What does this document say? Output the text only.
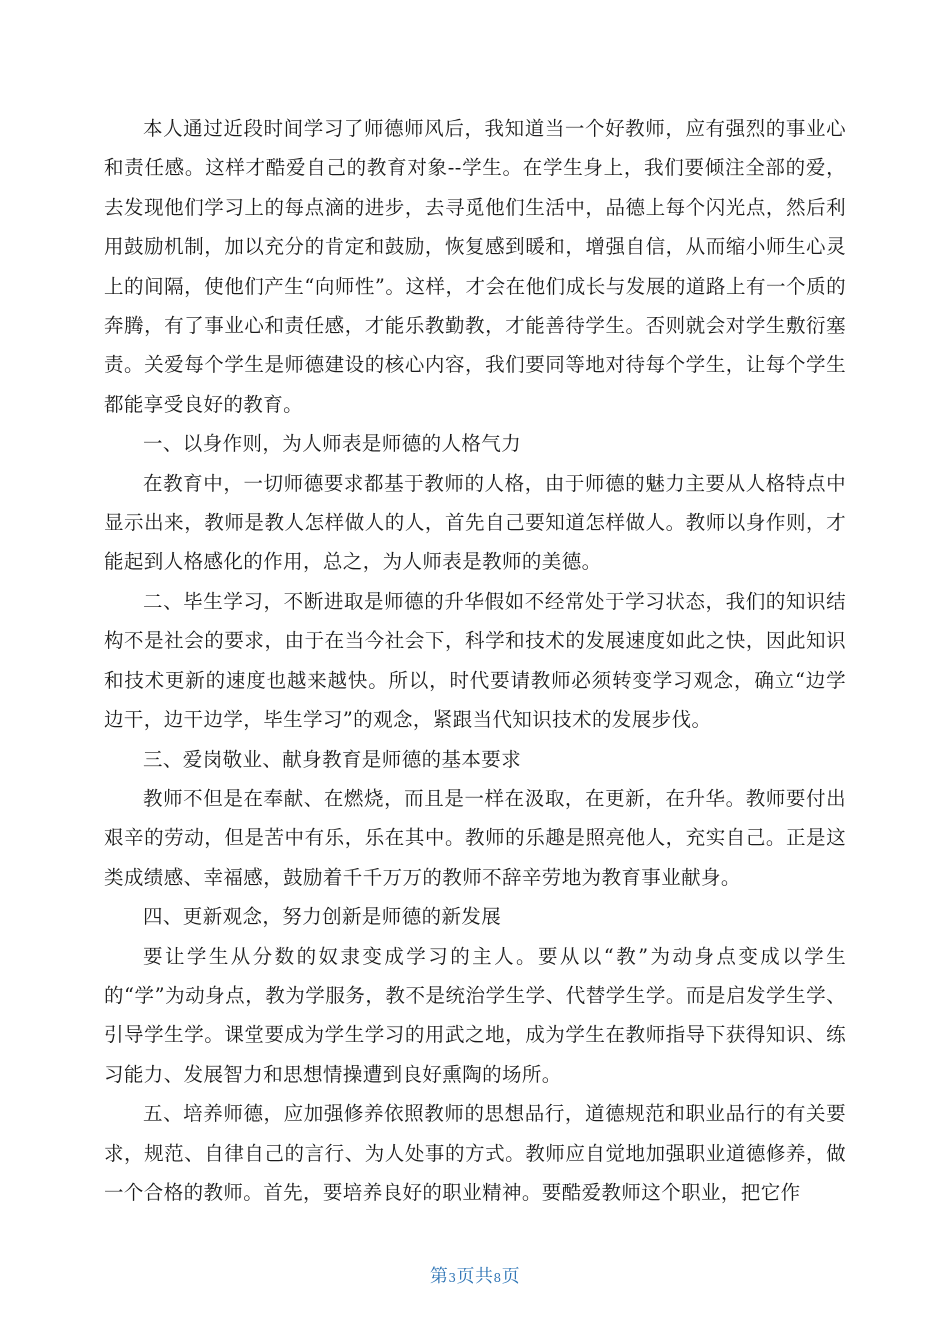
本人通过近段时间学习了师德师风后，我知道当一个好教师，应有强烈的事业心和责任感。这样才酷爱自己的教育对象--学生。在学生身上，我们要倾注全部的爱，去发现他们学习上的每点滴的进步，去寻觅他们生活中，品德上每个闪光点，然后利用鼓励机制，加以充分的肯定和鼓励，恢复感到暖和，增强自信，从而缩小师生心灵上的间隔，使他们产生“向师性”。这样，才会在他们成长与发展的道路上有一个质的奔腾，有了事业心和责任感，才能乐教勤教，才能善待学生。否则就会对学生敷衍塞责。关爱每个学生是师德建设的核心内容，我们要同等地对待每个学生，让每个学生都能享受良好的教育。

一、以身作则，为人师表是师德的人格气力

在教育中，一切师德要求都基于教师的人格，由于师德的魅力主要从人格特点中显示出来，教师是教人怎样做人的人，首先自己要知道怎样做人。教师以身作则，才能起到人格感化的作用，总之，为人师表是教师的美德。

二、毕生学习，不断进取是师德的升华假如不经常处于学习状态，我们的知识结构不是社会的要求，由于在当今社会下，科学和技术的发展速度如此之快，因此知识和技术更新的速度也越来越快。所以，时代要请教师必须转变学习观念，确立“边学边干，边干边学，毕生学习”的观念，紧跟当代知识技术的发展步伐。

三、爱岗敬业、献身教育是师德的基本要求

教师不但是在奉献、在燃烧，而且是一样在汲取，在更新，在升华。教师要付出艰辛的劳动，但是苦中有乐，乐在其中。教师的乐趣是照亮他人，充实自己。正是这类成绩感、幸福感，鼓励着千千万万的教师不辞辛劳地为教育事业献身。

四、更新观念，努力创新是师德的新发展

要让学生从分数的奴隶变成学习的主人。要从以“教”为动身点变成以学生的“学”为动身点，教为学服务，教不是统治学生学、代替学生学。而是启发学生学、引导学生学。课堂要成为学生学习的用武之地，成为学生在教师指导下获得知识、练习能力、发展智力和思想情操遭到良好熏陶的场所。

五、培养师德，应加强修养依照教师的思想品行，道德规范和职业品行的有关要求，规范、自律自己的言行、为人处事的方式。教师应自觉地加强职业道德修养，做一个合格的教师。首先，要培养良好的职业精神。要酷爱教师这个职业，把它作

第3页共8页
